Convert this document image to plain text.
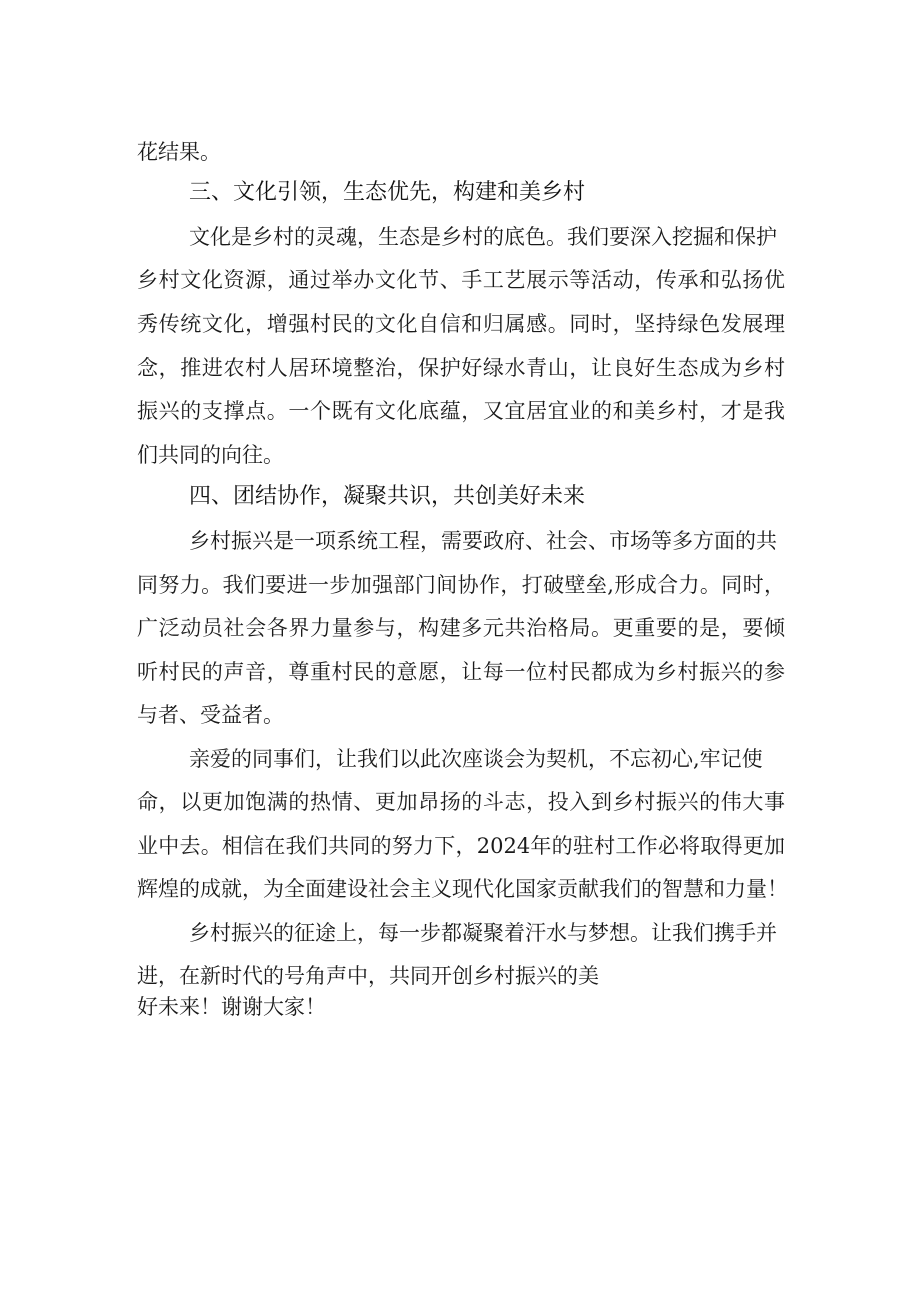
花结果。

三、文化引领，生态优先，构建和美乡村

文化是乡村的灵魂，生态是乡村的底色。我们要深入挖掘和保护

乡村文化资源，通过举办文化节、手工艺展示等活动，传承和弘扬优

秀传统文化，增强村民的文化自信和归属感。同时，坚持绿色发展理

念，推进农村人居环境整治，保护好绿水青山，让良好生态成为乡村

振兴的支撑点。一个既有文化底蕴，又宜居宜业的和美乡村，才是我

们共同的向往。

四、团结协作，凝聚共识，共创美好未来

乡村振兴是一项系统工程，需要政府、社会、市场等多方面的共

同努力。我们要进一步加强部门间协作，打破壁垒,形成合力。同时，

广泛动员社会各界力量参与，构建多元共治格局。更重要的是，要倾

听村民的声音，尊重村民的意愿，让每一位村民都成为乡村振兴的参

与者、受益者。

亲爱的同事们，让我们以此次座谈会为契机，不忘初心,牢记使

命，以更加饱满的热情、更加昂扬的斗志，投入到乡村振兴的伟大事

业中去。相信在我们共同的努力下，2024年的驻村工作必将取得更加

辉煌的成就，为全面建设社会主义现代化国家贡献我们的智慧和力量！

乡村振兴的征途上，每一步都凝聚着汗水与梦想。让我们携手并

进，在新时代的号角声中，共同开创乡村振兴的美

好未来！谢谢大家！
